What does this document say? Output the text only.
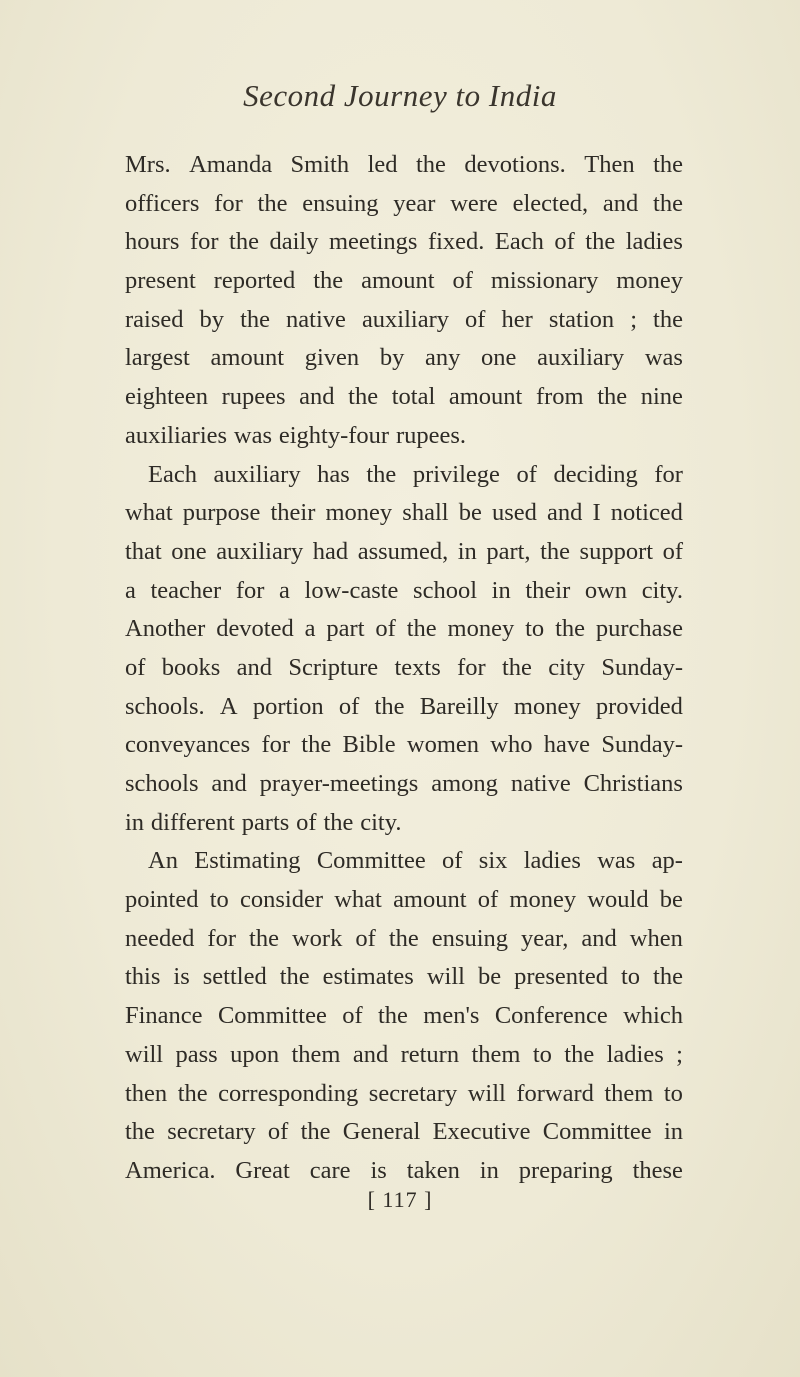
Second Journey to India
Mrs. Amanda Smith led the devotions. Then the
officers for the ensuing year were elected, and the
hours for the daily meetings fixed. Each of the ladies
present reported the amount of missionary money
raised by the native auxiliary of her station ; the
largest amount given by any one auxiliary was
eighteen rupees and the total amount from the nine
auxiliaries was eighty-four rupees.
Each auxiliary has the privilege of deciding for
what purpose their money shall be used and I noticed
that one auxiliary had assumed, in part, the support of
a teacher for a low-caste school in their own city.
Another devoted a part of the money to the purchase
of books and Scripture texts for the city Sunday-
schools. A portion of the Bareilly money provided
conveyances for the Bible women who have Sunday-
schools and prayer-meetings among native Christians
in different parts of the city.
An Estimating Committee of six ladies was ap-
pointed to consider what amount of money would be
needed for the work of the ensuing year, and when
this is settled the estimates will be presented to the
Finance Committee of the men's Conference which
will pass upon them and return them to the ladies ;
then the corresponding secretary will forward them to
the secretary of the General Executive Committee in
America. Great care is taken in preparing these
[ 117 ]
